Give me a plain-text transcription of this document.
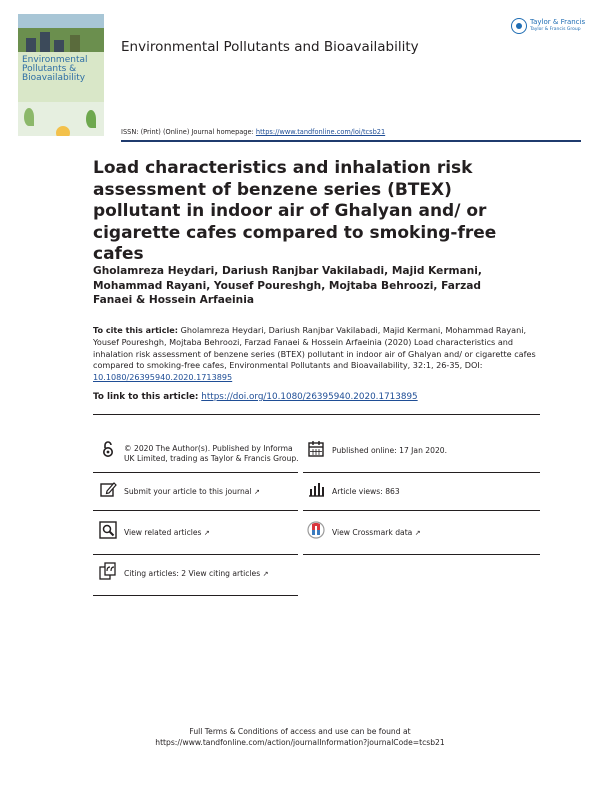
Environmental
Pollutants &
Bioavailability
Environmental Pollutants and Bioavailability
Taylor & Francis
Taylor & Francis Group
ISSN: (Print) (Online) Journal homepage: https://www.tandfonline.com/loi/tcsb21
Load characteristics and inhalation risk assessment of benzene series (BTEX) pollutant in indoor air of Ghalyan and/ or cigarette cafes compared to smoking-free cafes
Gholamreza Heydari, Dariush Ranjbar Vakilabadi, Majid Kermani, Mohammad Rayani, Yousef Poureshgh, Mojtaba Behroozi, Farzad Fanaei & Hossein Arfaeinia
To cite this article: Gholamreza Heydari, Dariush Ranjbar Vakilabadi, Majid Kermani, Mohammad Rayani, Yousef Poureshgh, Mojtaba Behroozi, Farzad Fanaei & Hossein Arfaeinia (2020) Load characteristics and inhalation risk assessment of benzene series (BTEX) pollutant in indoor air of Ghalyan and/ or cigarette cafes compared to smoking-free cafes, Environmental Pollutants and Bioavailability, 32:1, 26-35, DOI: 10.1080/26395940.2020.1713895
To link to this article: https://doi.org/10.1080/26395940.2020.1713895
© 2020 The Author(s). Published by Informa UK Limited, trading as Taylor & Francis Group.
Published online: 17 Jan 2020.
Submit your article to this journal ↗	Article views: 863
View related articles ↗	View Crossmark data ↗
Citing articles: 2 View citing articles ↗
Full Terms & Conditions of access and use can be found at
https://www.tandfonline.com/action/journalInformation?journalCode=tcsb21
